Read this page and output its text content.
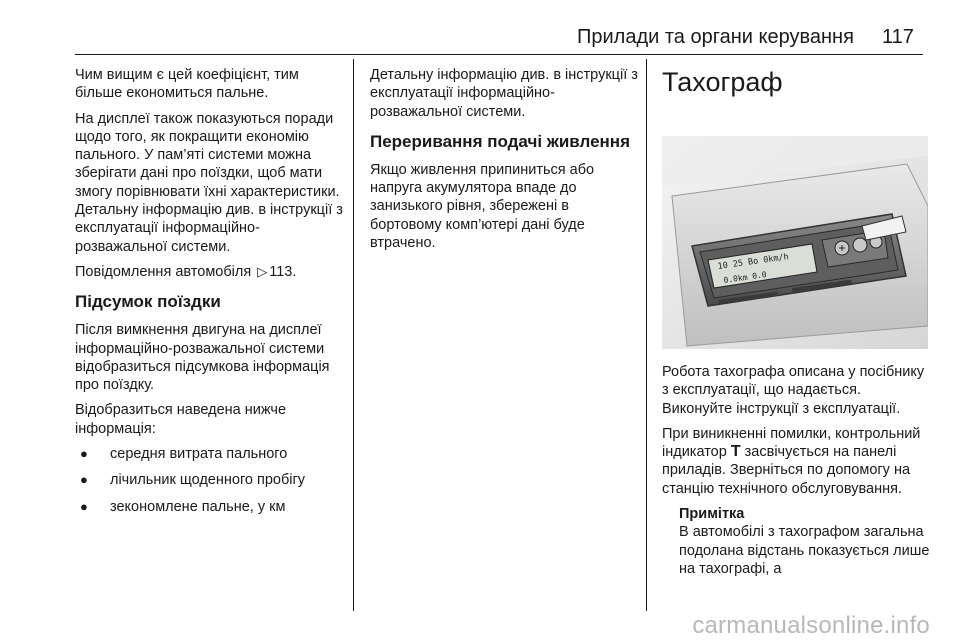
Прилади та органи керування 117

Чим вищим є цей коефіцієнт, тим більше економиться пальне.

На дисплеї також показуються поради щодо того, як покращити економію пального. У пам’яті системи можна зберігати дані про поїздки, щоб мати змогу порівнювати їхні характеристики. Детальну інформацію див. в інструкції з експлуатації інформаційно-розважальної системи.

Повідомлення автомобіля ▷ 113.

Підсумок поїздки

Після вимкнення двигуна на дисплеї інформаційно-розважальної системи відобразиться підсумкова інформація про поїздку.

Відобразиться наведена нижче інформація:

● середня витрата пального
● лічильник щоденного пробігу
● зекономлене пальне, у км

Детальну інформацію див. в інструкції з експлуатації інформаційно-розважальної системи.

Переривання подачі живлення

Якщо живлення припиниться або напруга акумулятора впаде до занизького рівня, збережені в бортовому комп’ютері дані буде втрачено.

Тахограф
10 25 Bo 0km/h
0.0km 0.0

Робота тахографа описана у посібнику з експлуатації, що надається. Виконуйте інструкції з експлуатації.

При виникненні помилки, контрольний індикатор T засвічується на панелі приладів. Зверніться по допомогу на станцію технічного обслуговування.

Примітка
В автомобілі з тахографом загальна подолана відстань показується лише на тахографі, а
carmanualsonline.info
